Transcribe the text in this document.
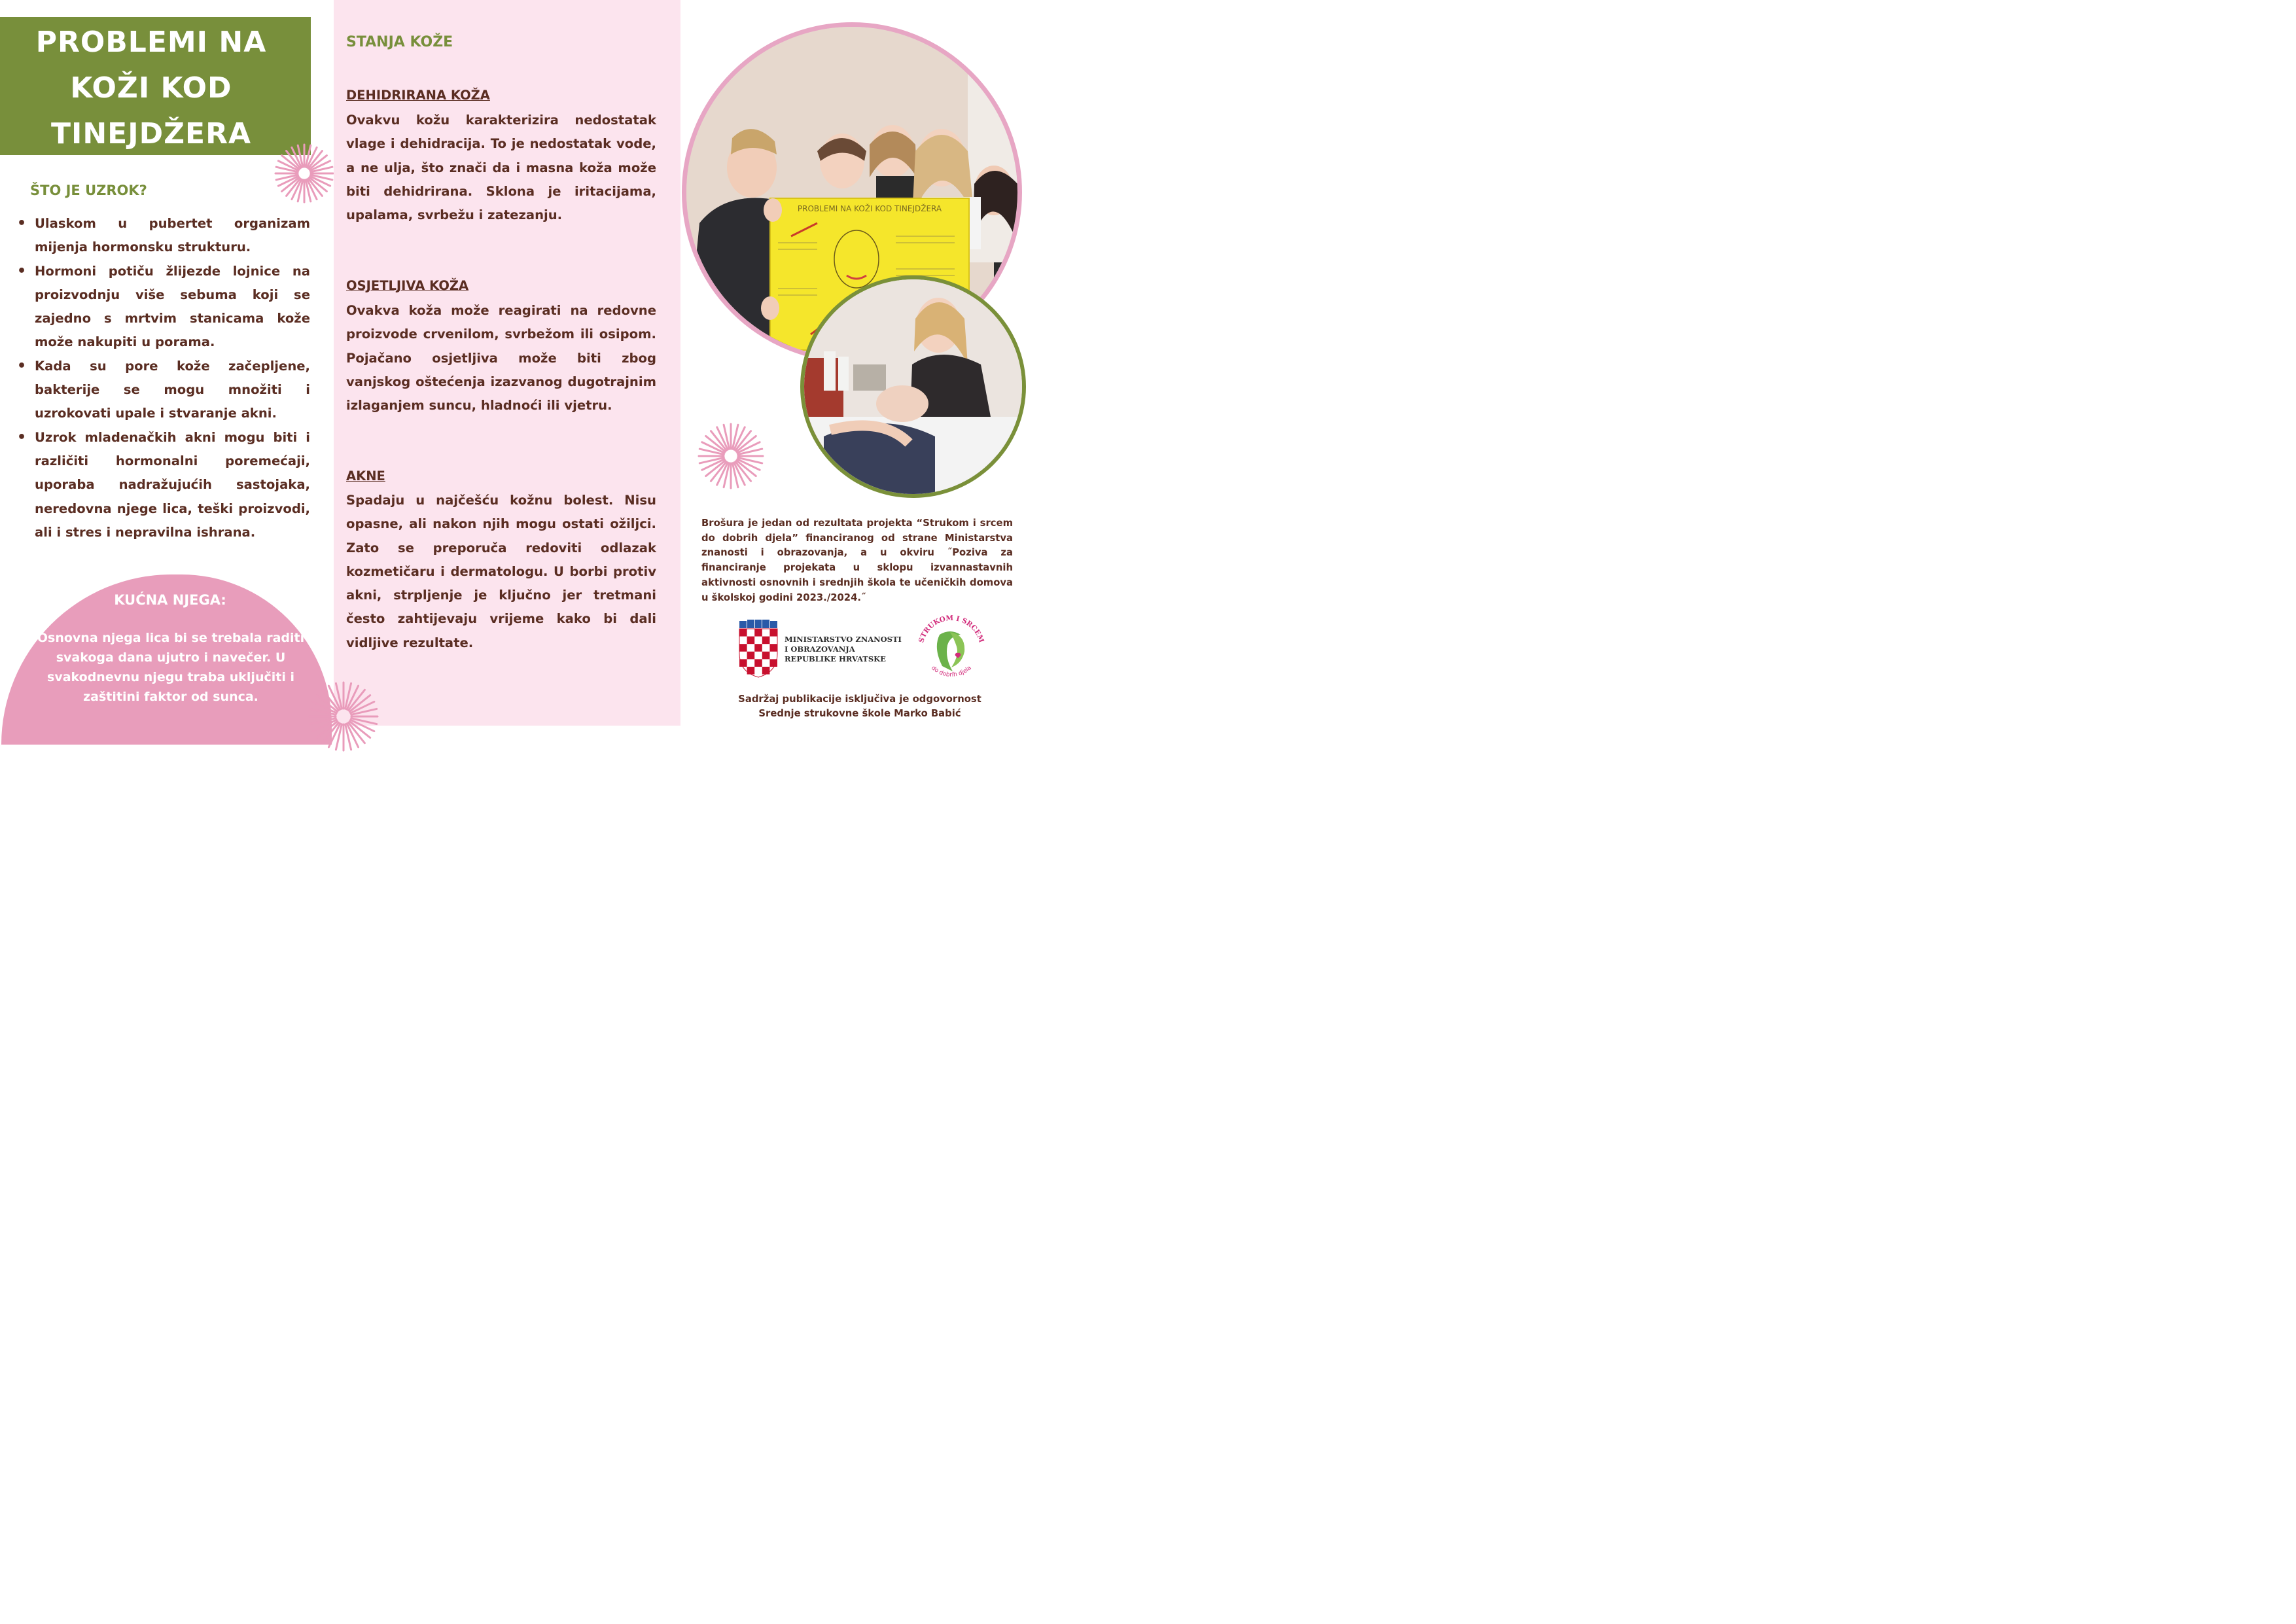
PROBLEMI NA
KOŽI KOD
TINEJDŽERA
ŠTO JE UZROK?
• Ulaskom u pubertet organizam mijenja hormonsku strukturu.
• Hormoni potiču žlijezde lojnice na proizvodnju više sebuma koji se zajedno s mrtvim stanicama kože može nakupiti u porama.
• Kada su pore kože začepljene, bakterije se mogu množiti i uzrokovati upale i stvaranje akni.
• Uzrok mladenačkih akni mogu biti i različiti hormonalni poremećaji, uporaba nadražujućih sastojaka, neredovna njege lica, teški proizvodi, ali i stres i nepravilna ishrana.
KUĆNA NJEGA:
Osnovna njega lica bi se trebala raditi svakoga dana ujutro i navečer. U svakodnevnu njegu traba uključiti i zaštitini faktor od sunca.
STANJA KOŽE
DEHIDRIRANA KOŽA

Ovakvu kožu karakterizira nedostatak vlage i dehidracija. To je nedostatak vode, a ne ulja, što znači da i masna koža može biti dehidrirana. Sklona je iritacijama, upalama, svrbežu i zatezanju.

OSJETLJIVA KOŽA

Ovakva koža može reagirati na redovne proizvode crvenilom, svrbežom ili osipom. Pojačano osjetljiva može biti zbog vanjskog oštećenja izazvanog dugotrajnim izlaganjem suncu, hladnoći ili vjetru.

AKNE

Spadaju u najčešću kožnu bolest. Nisu opasne, ali nakon njih mogu ostati ožiljci. Zato se preporuča redoviti odlazak kozmetičaru i dermatologu. U borbi protiv akni, strpljenje je ključno jer tretmani često zahtijevaju vrijeme kako bi dali vidljive rezultate.

PROBLEMI NA KOŽI KOD TINEJDŽERA
Brošura je jedan od rezultata projekta “Strukom i srcem do dobrih djela” financiranog od strane Ministarstva znanosti i obrazovanja, a u okviru ˝Poziva za financiranje projekata u sklopu izvannastavnih aktivnosti osnovnih i srednjih škola te učeničkih domova u školskoj godini 2023./2024.˝
MINISTARSTVO ZNANOSTI
I OBRAZOVANJA
REPUBLIKE HRVATSKE
STRUKOM I SRCEM
do dobrih djela
Sadržaj publikacije isključiva je odgovornost
Srednje strukovne škole Marko Babić
